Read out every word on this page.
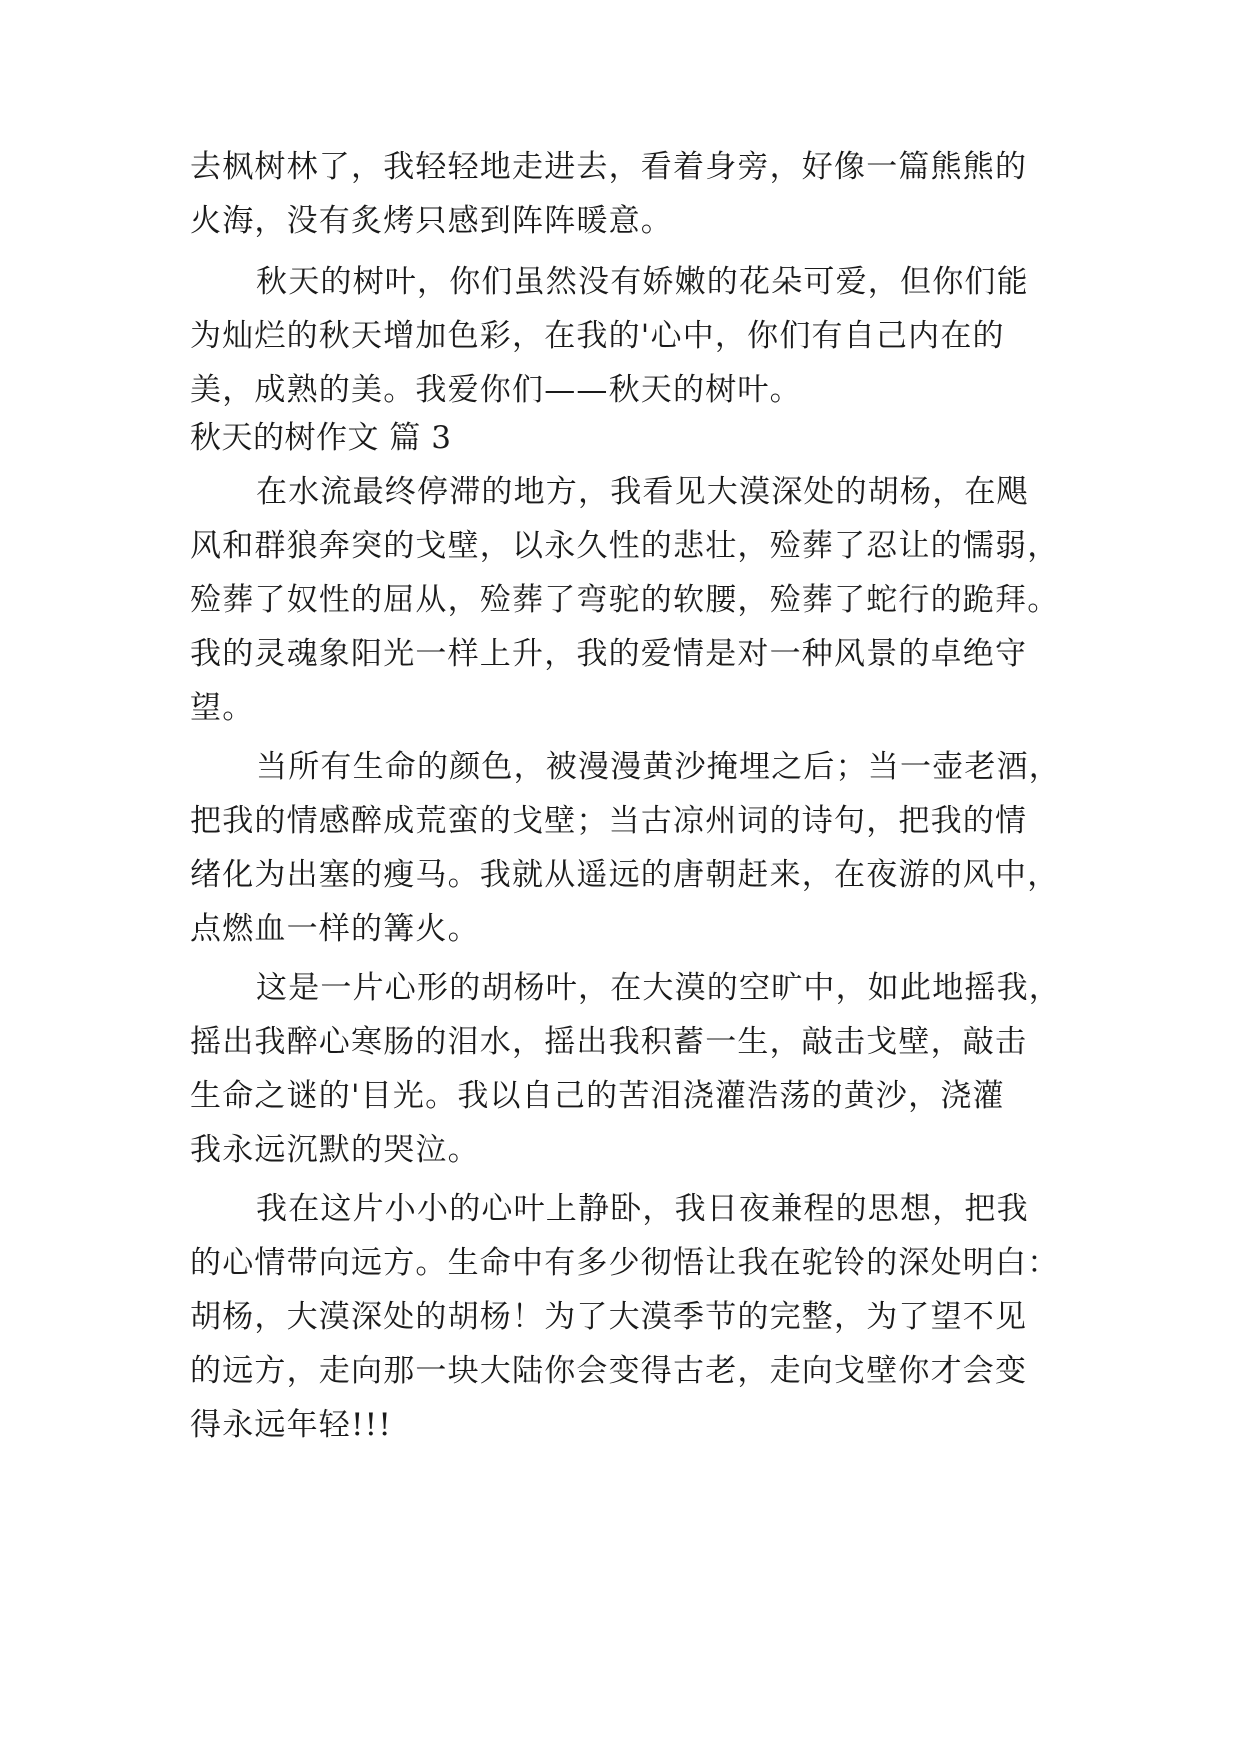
去枫树林了，我轻轻地走进去，看着身旁，好像一篇熊熊的
火海，没有炙烤只感到阵阵暖意。
秋天的树叶，你们虽然没有娇嫩的花朵可爱，但你们能
为灿烂的秋天增加色彩，在我的'心中，你们有自己内在的
美，成熟的美。我爱你们——秋天的树叶。
秋天的树作文 篇 3
在水流最终停滞的地方，我看见大漠深处的胡杨，在飓
风和群狼奔突的戈壁，以永久性的悲壮，殓葬了忍让的懦弱，
殓葬了奴性的屈从，殓葬了弯驼的软腰，殓葬了蛇行的跪拜。
我的灵魂象阳光一样上升，我的爱情是对一种风景的卓绝守
望。
当所有生命的颜色，被漫漫黄沙掩埋之后；当一壶老酒，
把我的情感醉成荒蛮的戈壁；当古凉州词的诗句，把我的情
绪化为出塞的瘦马。我就从遥远的唐朝赶来，在夜游的风中，
点燃血一样的篝火。
这是一片心形的胡杨叶，在大漠的空旷中，如此地摇我，
摇出我醉心寒肠的泪水，摇出我积蓄一生，敲击戈壁，敲击
生命之谜的'目光。我以自己的苦泪浇灌浩荡的黄沙，浇灌
我永远沉默的哭泣。
我在这片小小的心叶上静卧，我日夜兼程的思想，把我
的心情带向远方。生命中有多少彻悟让我在驼铃的深处明白：
胡杨，大漠深处的胡杨！为了大漠季节的完整，为了望不见
的远方，走向那一块大陆你会变得古老，走向戈壁你才会变
得永远年轻!!!
